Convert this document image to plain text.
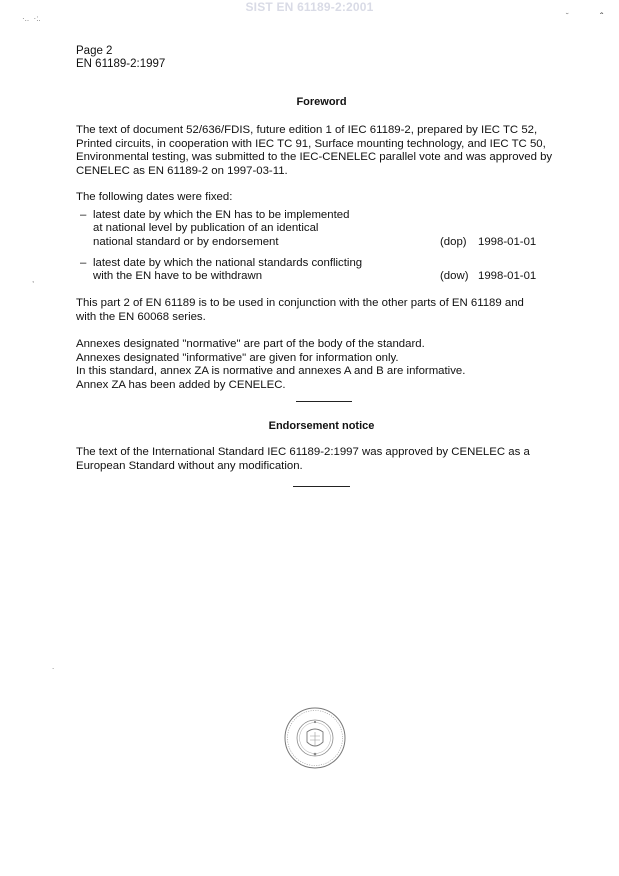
SIST EN 61189-2:2001
·..  ·:.	˘	ˆ
,
.
Page 2
EN 61189-2:1997
Foreword
The text of document 52/636/FDIS, future edition 1 of IEC 61189-2, prepared by IEC TC 52,
Printed circuits, in cooperation with IEC TC 91, Surface mounting technology, and IEC TC 50,
Environmental testing, was submitted to the IEC-CENELEC parallel vote and was approved by
CENELEC as EN 61189-2 on 1997-03-11.
The following dates were fixed:
– latest date by which the EN has to be implemented
at national level by publication of an identical
national standard or by endorsement	(dop) 1998-01-01
– latest date by which the national standards conflicting
with the EN have to be withdrawn	(dow) 1998-01-01
This part 2 of EN 61189 is to be used in conjunction with the other parts of EN 61189 and
with the EN 60068 series.
Annexes designated "normative" are part of the body of the standard.
Annexes designated "informative" are given for information only.
In this standard, annex ZA is normative and annexes A and B are informative.
Annex ZA has been added by CENELEC.
Endorsement notice
The text of the International Standard IEC 61189-2:1997 was approved by CENELEC as a
European Standard without any modification.
